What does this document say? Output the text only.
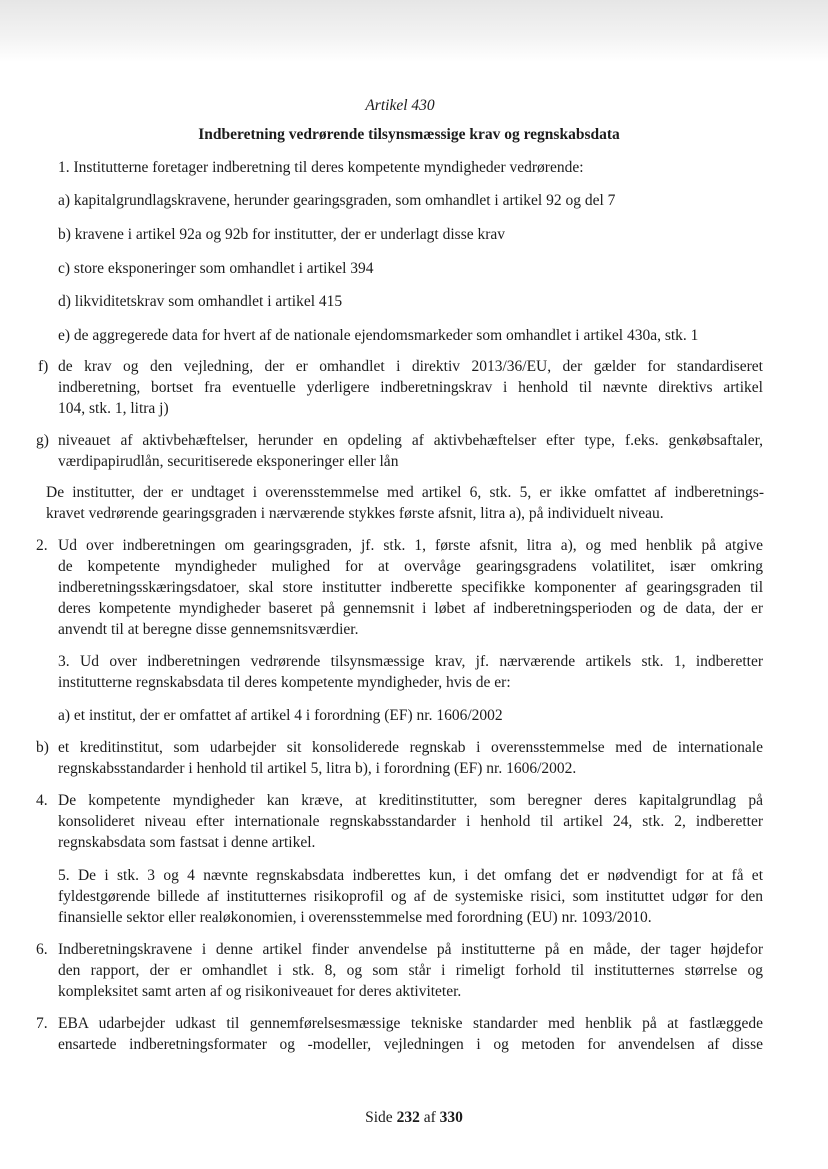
Artikel 430
Indberetning vedrørende tilsynsmæssige krav og regnskabsdata
1. Institutterne foretager indberetning til deres kompetente myndigheder vedrørende:
a) kapitalgrundlagskravene, herunder gearingsgraden, som omhandlet i artikel 92 og del 7
b) kravene i artikel 92a og 92b for institutter, der er underlagt disse krav
c) store eksponeringer som omhandlet i artikel 394
d) likviditetskrav som omhandlet i artikel 415
e) de aggregerede data for hvert af de nationale ejendomsmarkeder som omhandlet i artikel 430a, stk. 1
f) de krav og den vejledning, der er omhandlet i direktiv 2013/36/EU, der gælder for standardiseret
indberetning, bortset fra eventuelle yderligere indberetningskrav i henhold til nævnte direktivs artikel
104, stk. 1, litra j)
g) niveauet af aktivbehæftelser, herunder en opdeling af aktivbehæftelser efter type, f.eks. genkøbsaftaler,
værdipapirudlån, securitiserede eksponeringer eller lån
De institutter, der er undtaget i overensstemmelse med artikel 6, stk. 5, er ikke omfattet af indberetnings-
kravet vedrørende gearingsgraden i nærværende stykkes første afsnit, litra a), på individuelt niveau.
2. Ud over indberetningen om gearingsgraden, jf. stk. 1, første afsnit, litra a), og med henblik på atgive
de kompetente myndigheder mulighed for at overvåge gearingsgradens volatilitet, især omkring
indberetningsskæringsdatoer, skal store institutter indberette specifikke komponenter af gearingsgraden til
deres kompetente myndigheder baseret på gennemsnit i løbet af indberetningsperioden og de data, der er
anvendt til at beregne disse gennemsnitsværdier.
3. Ud over indberetningen vedrørende tilsynsmæssige krav, jf. nærværende artikels stk. 1, indberetter
institutterne regnskabsdata til deres kompetente myndigheder, hvis de er:
a) et institut, der er omfattet af artikel 4 i forordning (EF) nr. 1606/2002
b) et kreditinstitut, som udarbejder sit konsoliderede regnskab i overensstemmelse med de internationale
regnskabsstandarder i henhold til artikel 5, litra b), i forordning (EF) nr. 1606/2002.
4. De kompetente myndigheder kan kræve, at kreditinstitutter, som beregner deres kapitalgrundlag på
konsolideret niveau efter internationale regnskabsstandarder i henhold til artikel 24, stk. 2, indberetter
regnskabsdata som fastsat i denne artikel.
5. De i stk. 3 og 4 nævnte regnskabsdata indberettes kun, i det omfang det er nødvendigt for at få et
fyldestgørende billede af institutternes risikoprofil og af de systemiske risici, som instituttet udgør for den
finansielle sektor eller realøkonomien, i overensstemmelse med forordning (EU) nr. 1093/2010.
6. Indberetningskravene i denne artikel finder anvendelse på institutterne på en måde, der tager højdefor
den rapport, der er omhandlet i stk. 8, og som står i rimeligt forhold til institutternes størrelse og
kompleksitet samt arten af og risikoniveauet for deres aktiviteter.
7. EBA udarbejder udkast til gennemførelsesmæssige tekniske standarder med henblik på at fastlæggede
ensartede indberetningsformater og -modeller, vejledningen i og metoden for anvendelsen af disse
Side 232 af 330
